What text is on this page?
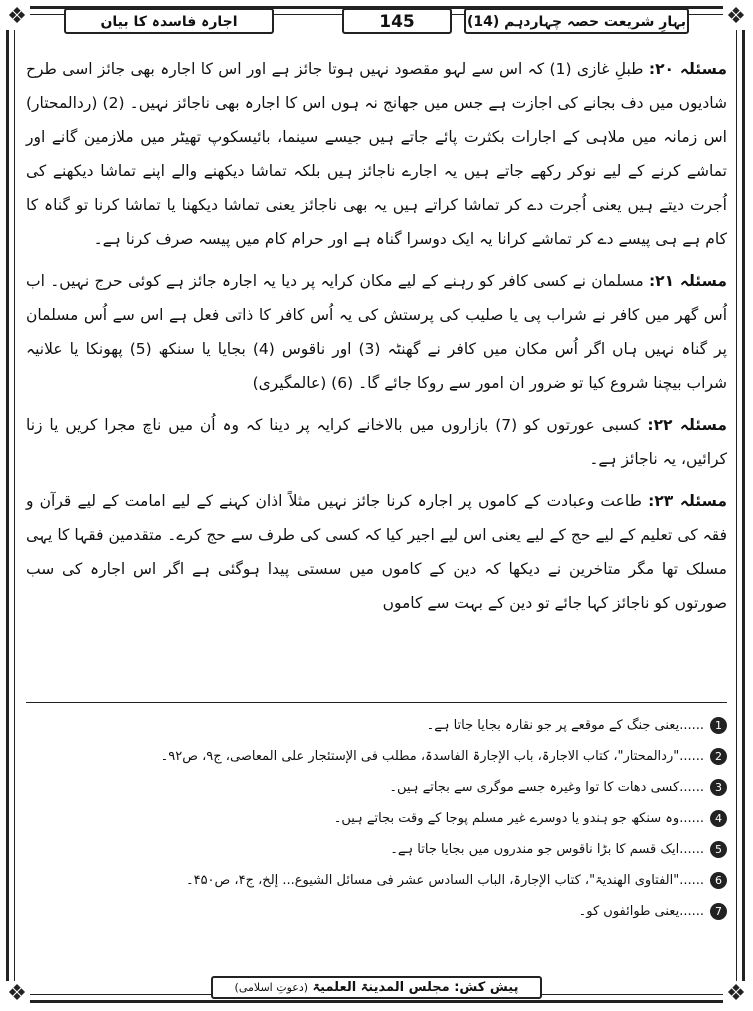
❖	❖
❖	❖
اجارہ فاسدہ کا بیان	145	بہارِ شریعت حصہ چہاردہم (14)

مسئلہ ۲۰: طبلِ غازی (1) کہ اس سے لہو مقصود نہیں ہوتا جائز ہے اور اس کا اجارہ بھی جائز اسی طرح شادیوں میں دف بجانے کی اجازت ہے جس میں جھانج نہ ہوں اس کا اجارہ بھی ناجائز نہیں۔ (2) (ردالمحتار) اس زمانہ میں ملاہی کے اجارات بکثرت پائے جاتے ہیں جیسے سینما، بائیسکوپ تھیٹر میں ملازمین گانے اور تماشے کرنے کے لیے نوکر رکھے جاتے ہیں یہ اجارے ناجائز ہیں بلکہ تماشا دیکھنے والے اپنے تماشا دیکھنے کی اُجرت دیتے ہیں یعنی اُجرت دے کر تماشا کراتے ہیں یہ بھی ناجائز یعنی تماشا دیکھنا یا تماشا کرنا تو گناہ کا کام ہے ہی پیسے دے کر تماشے کرانا یہ ایک دوسرا گناہ ہے اور حرام کام میں پیسہ صرف کرنا ہے۔

مسئلہ ۲۱: مسلمان نے کسی کافر کو رہنے کے لیے مکان کرایہ پر دیا یہ اجارہ جائز ہے کوئی حرج نہیں۔ اب اُس گھر میں کافر نے شراب پی یا صلیب کی پرستش کی یہ اُس کافر کا ذاتی فعل ہے اس سے اُس مسلمان پر گناہ نہیں ہاں اگر اُس مکان میں کافر نے گھنٹہ (3) اور ناقوس (4) بجایا یا سنکھ (5) پھونکا یا علانیہ شراب بیچنا شروع کیا تو ضرور ان امور سے روکا جائے گا۔ (6) (عالمگیری)

مسئلہ ۲۲: کسبی عورتوں کو (7) بازاروں میں بالاخانے کرایہ پر دینا کہ وہ اُن میں ناچ مجرا کریں یا زنا کرائیں، یہ ناجائز ہے۔

مسئلہ ۲۳: طاعت وعبادت کے کاموں پر اجارہ کرنا جائز نہیں مثلاً اذان کہنے کے لیے امامت کے لیے قرآن و فقہ کی تعلیم کے لیے حج کے لیے یعنی اس لیے اجیر کیا کہ کسی کی طرف سے حج کرے۔ متقدمین فقہا کا یہی مسلک تھا مگر متاخرین نے دیکھا کہ دین کے کاموں میں سستی پیدا ہوگئی ہے اگر اس اجارہ کی سب صورتوں کو ناجائز کہا جائے تو دین کے بہت سے کاموں

1
......یعنی جنگ کے موقعے پر جو نقارہ بجایا جاتا ہے۔
2
......"ردالمحتار"، کتاب الاجارۃ، باب الإجارۃ الفاسدۃ، مطلب فی الإستئجار علی المعاصی، ج۹، ص۹۲۔
3
......کسی دھات کا توا وغیرہ جسے موگری سے بجاتے ہیں۔
4
......وہ سنکھ جو ہندو یا دوسرے غیر مسلم پوجا کے وقت بجاتے ہیں۔
5
......ایک قسم کا بڑا ناقوس جو مندروں میں بجایا جاتا ہے۔
6
......"الفتاوی الھندیۃ"، کتاب الإجارۃ، الباب السادس عشر فی مسائل الشیوع... إلخ، ج۴، ص۴۵۰۔
7
......یعنی طوائفوں کو۔
پیش کش: مجلس المدینۃ العلمیۃ (دعوتِ اسلامی)
